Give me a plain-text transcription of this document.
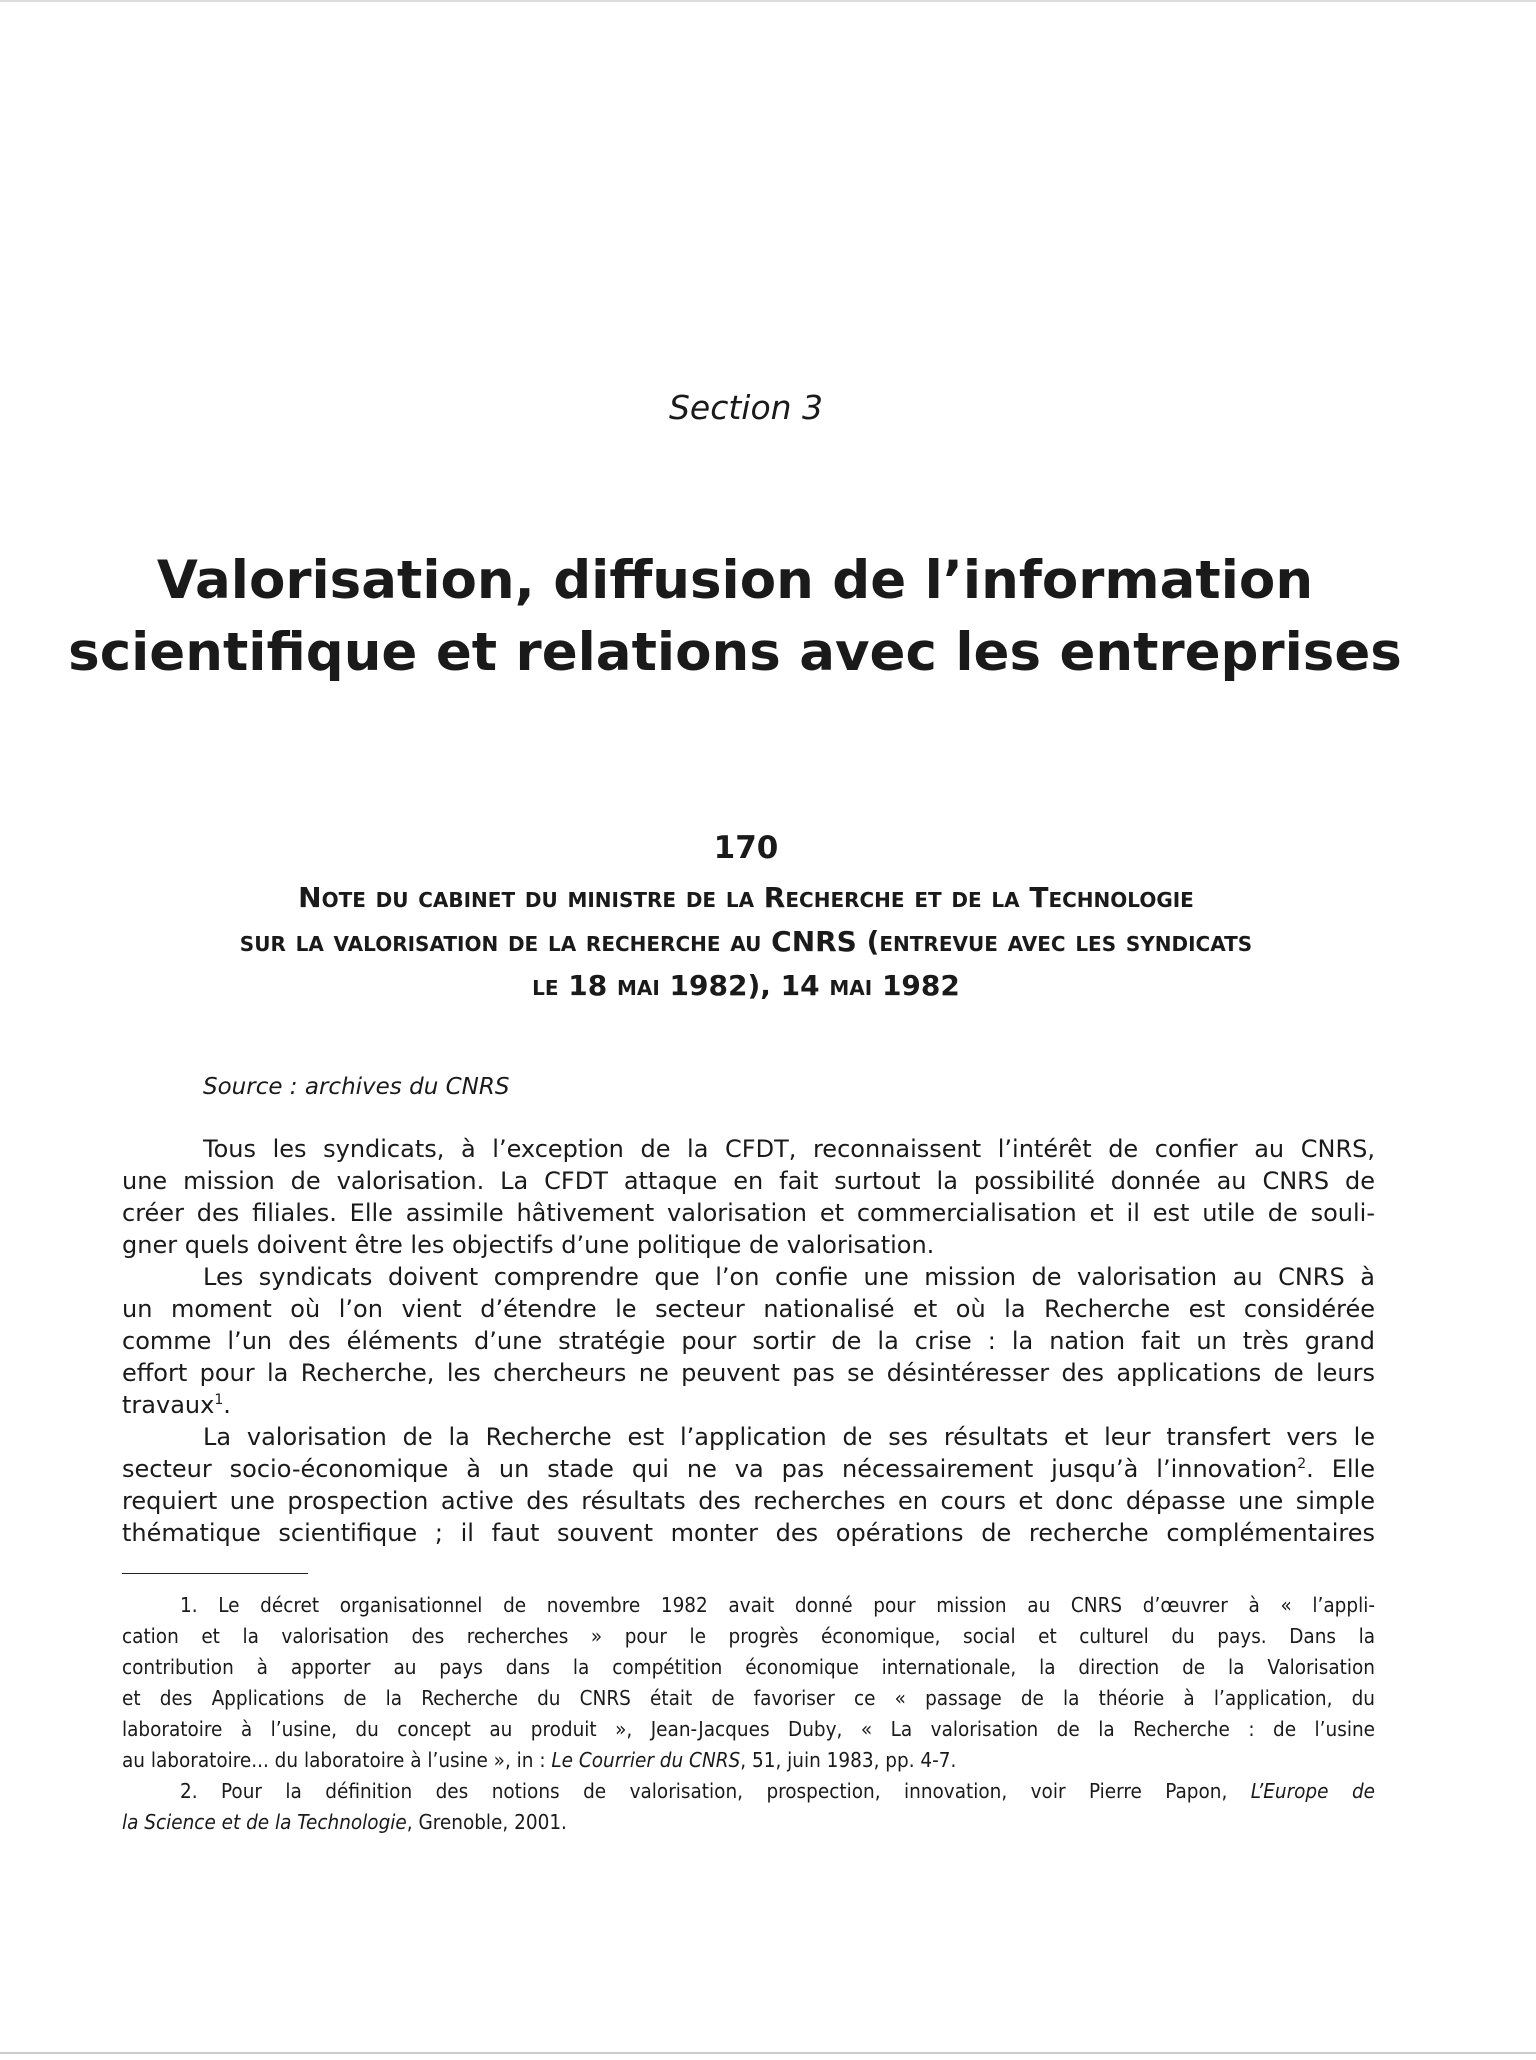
Section 3
Valorisation, diffusion de l’information
scientifique et relations avec les entreprises
170
Note du cabinet du ministre de la Recherche et de la Technologie
sur la valorisation de la recherche au CNRS (entrevue avec les syndicats
le 18 mai 1982), 14 mai 1982
Source : archives du CNRS
Tous les syndicats, à l’exception de la CFDT, reconnaissent l’intérêt de confier au CNRS,
une mission de valorisation. La CFDT attaque en fait surtout la possibilité donnée au CNRS de
créer des filiales. Elle assimile hâtivement valorisation et commercialisation et il est utile de souli-
gner quels doivent être les objectifs d’une politique de valorisation.
Les syndicats doivent comprendre que l’on confie une mission de valorisation au CNRS à
un moment où l’on vient d’étendre le secteur nationalisé et où la Recherche est considérée
comme l’un des éléments d’une stratégie pour sortir de la crise : la nation fait un très grand
effort pour la Recherche, les chercheurs ne peuvent pas se désintéresser des applications de leurs
travaux$^1$.
La valorisation de la Recherche est l’application de ses résultats et leur transfert vers le
secteur socio-économique à un stade qui ne va pas nécessairement jusqu’à l’innovation$^2$. Elle
requiert une prospection active des résultats des recherches en cours et donc dépasse une simple
thématique scientifique ; il faut souvent monter des opérations de recherche complémentaires
1. Le décret organisationnel de novembre 1982 avait donné pour mission au CNRS d’œuvrer à « l’appli-
cation et la valorisation des recherches » pour le progrès économique, social et culturel du pays. Dans la
contribution à apporter au pays dans la compétition économique internationale, la direction de la Valorisation
et des Applications de la Recherche du CNRS était de favoriser ce « passage de la théorie à l’application, du
laboratoire à l’usine, du concept au produit », Jean-Jacques Duby, « La valorisation de la Recherche : de l’usine
au laboratoire... du laboratoire à l’usine », in : Le Courrier du CNRS, 51, juin 1983, pp. 4-7.
2. Pour la définition des notions de valorisation, prospection, innovation, voir Pierre Papon, L’Europe de
la Science et de la Technologie, Grenoble, 2001.
